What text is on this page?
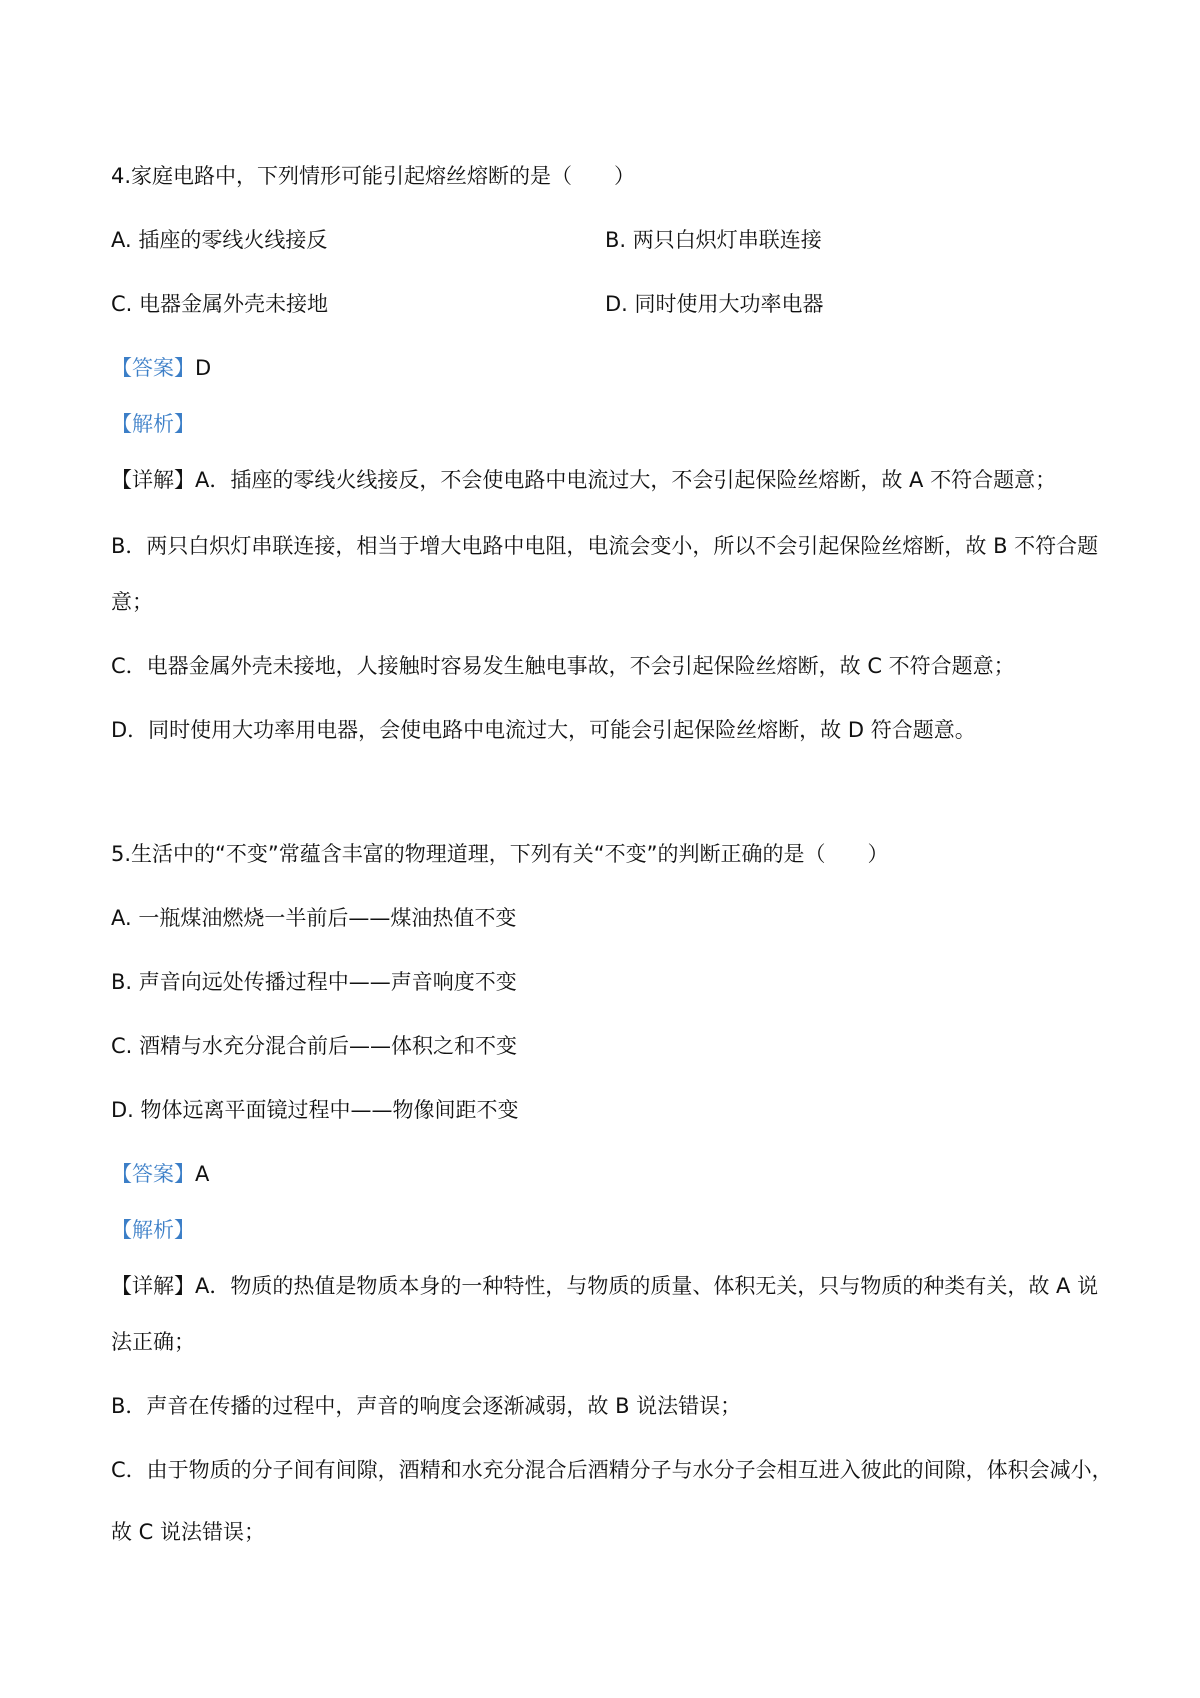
4.家庭电路中，下列情形可能引起熔丝熔断的是（　　）
A. 插座的零线火线接反	B. 两只白炽灯串联连接
C. 电器金属外壳未接地	D. 同时使用大功率电器
【答案】D
【解析】
【详解】A．插座的零线火线接反，不会使电路中电流过大，不会引起保险丝熔断，故 A 不符合题意；
B．两只白炽灯串联连接，相当于增大电路中电阻，电流会变小，所以不会引起保险丝熔断，故 B 不符合题
意；
C．电器金属外壳未接地，人接触时容易发生触电事故，不会引起保险丝熔断，故 C 不符合题意；
D．同时使用大功率用电器，会使电路中电流过大，可能会引起保险丝熔断，故 D 符合题意。
5.生活中的“不变”常蕴含丰富的物理道理，下列有关“不变”的判断正确的是（　　）
A. 一瓶煤油燃烧一半前后——煤油热值不变
B. 声音向远处传播过程中——声音响度不变
C. 酒精与水充分混合前后——体积之和不变
D. 物体远离平面镜过程中——物像间距不变
【答案】A
【解析】
【详解】A．物质的热值是物质本身的一种特性，与物质的质量、体积无关，只与物质的种类有关，故 A 说
法正确；
B．声音在传播的过程中，声音的响度会逐渐减弱，故 B 说法错误；
C．由于物质的分子间有间隙，酒精和水充分混合后酒精分子与水分子会相互进入彼此的间隙，体积会减小，
故 C 说法错误；
